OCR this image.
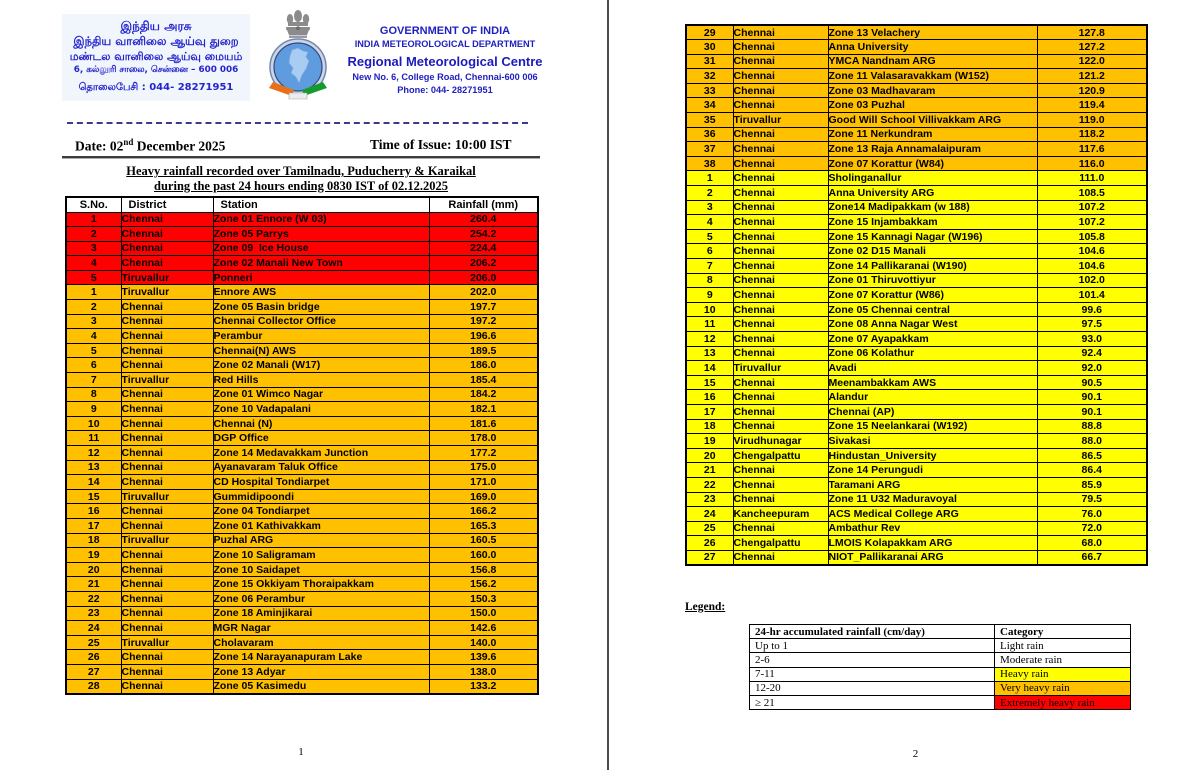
இந்திய அரசு
இந்திய வானிலை ஆய்வு துறை
மண்டல வானிலை ஆய்வு மையம்
6, கல்லூரி சாலை, சென்னை – 600 006
தொலைபேசி : 044- 28271951
GOVERNMENT OF INDIA
INDIA METEOROLOGICAL DEPARTMENT
Regional Meteorological Centre
New No. 6, College Road, Chennai-600 006
Phone: 044- 28271951
Date: 02nd December 2025	Time of Issue: 10:00 IST
Heavy rainfall recorded over Tamilnadu, Puducherry & Karaikal
during the past 24 hours ending 0830 IST of 02.12.2025
S.No.	District	Station	Rainfall (mm)
1	Chennai	Zone 01 Ennore (W 03)	260.4
2	Chennai	Zone 05 Parrys	254.2
3	Chennai	Zone 09  Ice House	224.4
4	Chennai	Zone 02 Manali New Town	206.2
5	Tiruvallur	Ponneri	206.0
1	Tiruvallur	Ennore AWS	202.0
2	Chennai	Zone 05 Basin bridge	197.7
3	Chennai	Chennai Collector Office	197.2
4	Chennai	Perambur	196.6
5	Chennai	Chennai(N) AWS	189.5
6	Chennai	Zone 02 Manali (W17)	186.0
7	Tiruvallur	Red Hills	185.4
8	Chennai	Zone 01 Wimco Nagar	184.2
9	Chennai	Zone 10 Vadapalani	182.1
10	Chennai	Chennai (N)	181.6
11	Chennai	DGP Office	178.0
12	Chennai	Zone 14 Medavakkam Junction	177.2
13	Chennai	Ayanavaram Taluk Office	175.0
14	Chennai	CD Hospital Tondiarpet	171.0
15	Tiruvallur	Gummidipoondi	169.0
16	Chennai	Zone 04 Tondiarpet	166.2
17	Chennai	Zone 01 Kathivakkam	165.3
18	Tiruvallur	Puzhal ARG	160.5
19	Chennai	Zone 10 Saligramam	160.0
20	Chennai	Zone 10 Saidapet	156.8
21	Chennai	Zone 15 Okkiyam Thoraipakkam	156.2
22	Chennai	Zone 06 Perambur	150.3
23	Chennai	Zone 18 Aminjikarai	150.0
24	Chennai	MGR Nagar	142.6
25	Tiruvallur	Cholavaram	140.0
26	Chennai	Zone 14 Narayanapuram Lake	139.6
27	Chennai	Zone 13 Adyar	138.0
28	Chennai	Zone 05 Kasimedu	133.2
1
29	Chennai	Zone 13 Velachery	127.8
30	Chennai	Anna University	127.2
31	Chennai	YMCA Nandnam ARG	122.0
32	Chennai	Zone 11 Valasaravakkam (W152)	121.2
33	Chennai	Zone 03 Madhavaram	120.9
34	Chennai	Zone 03 Puzhal	119.4
35	Tiruvallur	Good Will School Villivakkam ARG	119.0
36	Chennai	Zone 11 Nerkundram	118.2
37	Chennai	Zone 13 Raja Annamalaipuram	117.6
38	Chennai	Zone 07 Korattur (W84)	116.0
1	Chennai	Sholinganallur	111.0
2	Chennai	Anna University ARG	108.5
3	Chennai	Zone14 Madipakkam (w 188)	107.2
4	Chennai	Zone 15 Injambakkam	107.2
5	Chennai	Zone 15 Kannagi Nagar (W196)	105.8
6	Chennai	Zone 02 D15 Manali	104.6
7	Chennai	Zone 14 Pallikaranai (W190)	104.6
8	Chennai	Zone 01 Thiruvottiyur	102.0
9	Chennai	Zone 07 Korattur (W86)	101.4
10	Chennai	Zone 05 Chennai central	99.6
11	Chennai	Zone 08 Anna Nagar West	97.5
12	Chennai	Zone 07 Ayapakkam	93.0
13	Chennai	Zone 06 Kolathur	92.4
14	Tiruvallur	Avadi	92.0
15	Chennai	Meenambakkam AWS	90.5
16	Chennai	Alandur	90.1
17	Chennai	Chennai (AP)	90.1
18	Chennai	Zone 15 Neelankarai (W192)	88.8
19	Virudhunagar	Sivakasi	88.0
20	Chengalpattu	Hindustan_University	86.5
21	Chennai	Zone 14 Perungudi	86.4
22	Chennai	Taramani ARG	85.9
23	Chennai	Zone 11 U32 Maduravoyal	79.5
24	Kancheepuram	ACS Medical College ARG	76.0
25	Chennai	Ambathur Rev	72.0
26	Chengalpattu	LMOIS Kolapakkam ARG	68.0
27	Chennai	NIOT_Pallikaranai ARG	66.7
Legend:
24-hr accumulated rainfall (cm/day)	Category
Up to 1	Light rain
2-6	Moderate rain
7-11	Heavy rain
12-20	Very heavy rain
≥ 21	Extremely heavy rain
2
